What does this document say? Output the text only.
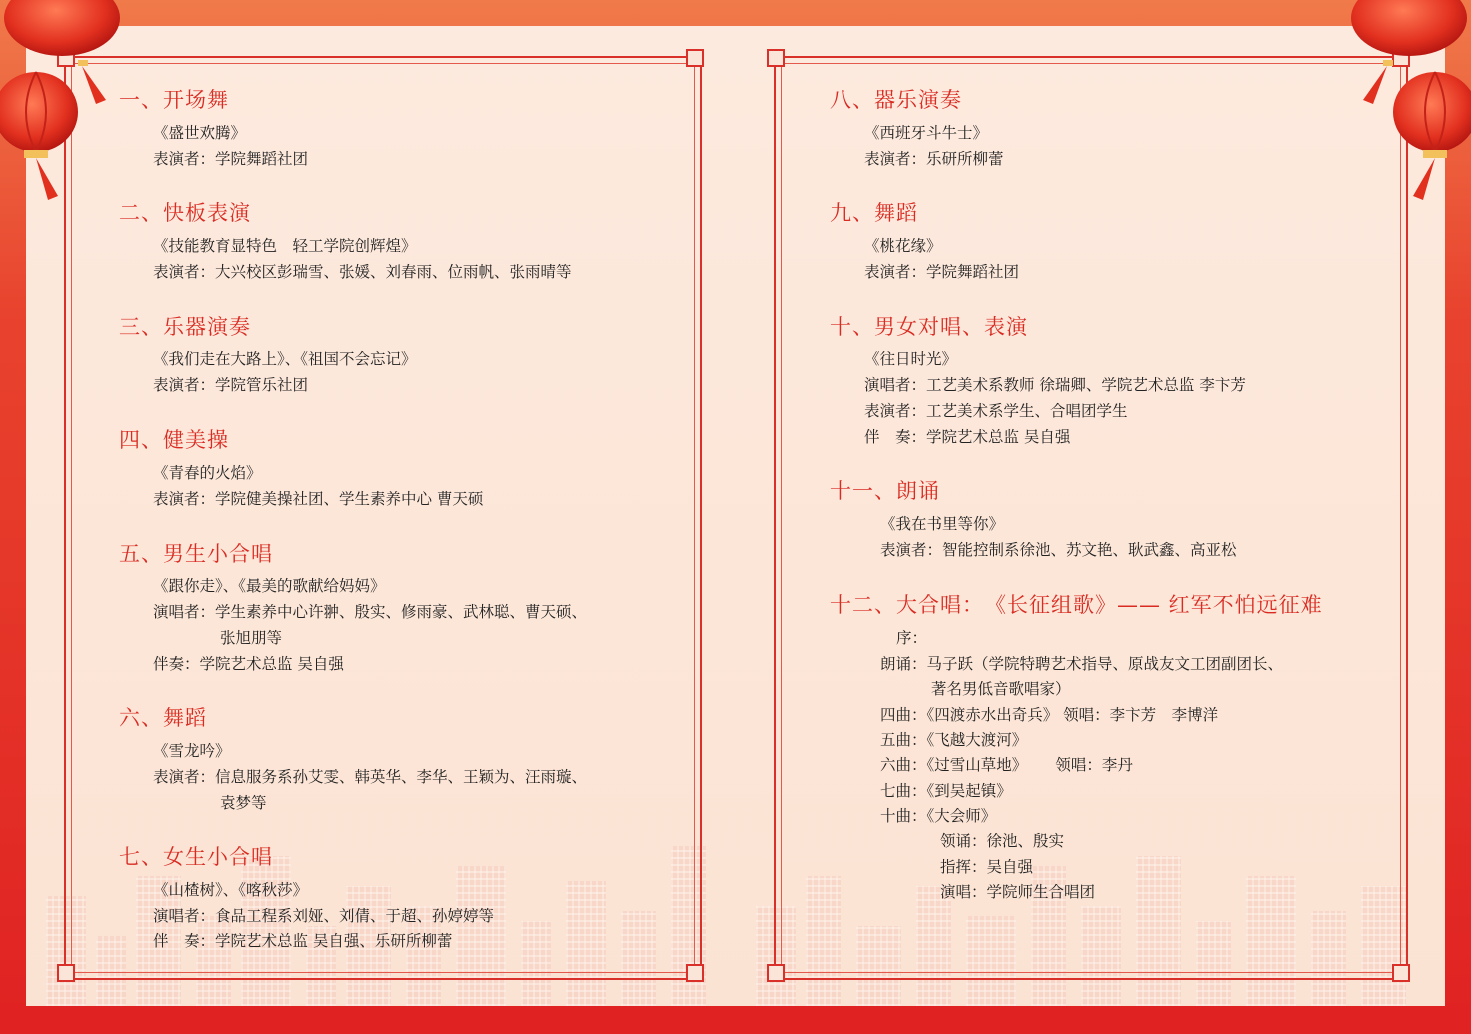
一、开场舞
《盛世欢腾》
表演者：学院舞蹈社团
二、快板表演
《技能教育显特色　轻工学院创辉煌》
表演者：大兴校区彭瑞雪、张媛、刘春雨、位雨帆、张雨晴等
三、乐器演奏
《我们走在大路上》、《祖国不会忘记》
表演者：学院管乐社团
四、健美操
《青春的火焰》
表演者：学院健美操社团、学生素养中心 曹天硕
五、男生小合唱
《跟你走》、《最美的歌献给妈妈》
演唱者：学生素养中心许翀、殷实、修雨豪、武林聪、曹天硕、
张旭朋等
伴奏：学院艺术总监 吴自强
六、舞蹈
《雪龙吟》
表演者：信息服务系孙艾雯、韩英华、李华、王颖为、汪雨璇、
袁梦等
七、女生小合唱
《山楂树》、《喀秋莎》
演唱者：食品工程系刘娅、刘倩、于超、孙婷婷等
伴　奏：学院艺术总监 吴自强、乐研所柳蕾
八、器乐演奏
《西班牙斗牛士》
表演者：乐研所柳蕾
九、舞蹈
《桃花缘》
表演者：学院舞蹈社团
十、男女对唱、表演
《往日时光》
演唱者：工艺美术系教师 徐瑞卿、学院艺术总监 李卞芳
表演者：工艺美术系学生、合唱团学生
伴　奏：学院艺术总监 吴自强
十一、朗诵
《我在书里等你》
表演者：智能控制系徐池、苏文艳、耿武鑫、高亚松
十二、大合唱：　《长征组歌》—— 红军不怕远征难
序：
朗诵：马子跃（学院特聘艺术指导、原战友文工团副团长、
著名男低音歌唱家）
四曲：《四渡赤水出奇兵》 领唱：李卞芳　李博洋
五曲：《飞越大渡河》
六曲：《过雪山草地》　　 领唱：李丹
七曲：《到吴起镇》
十曲：《大会师》
领诵：徐池、殷实
指挥：吴自强
演唱：学院师生合唱团
